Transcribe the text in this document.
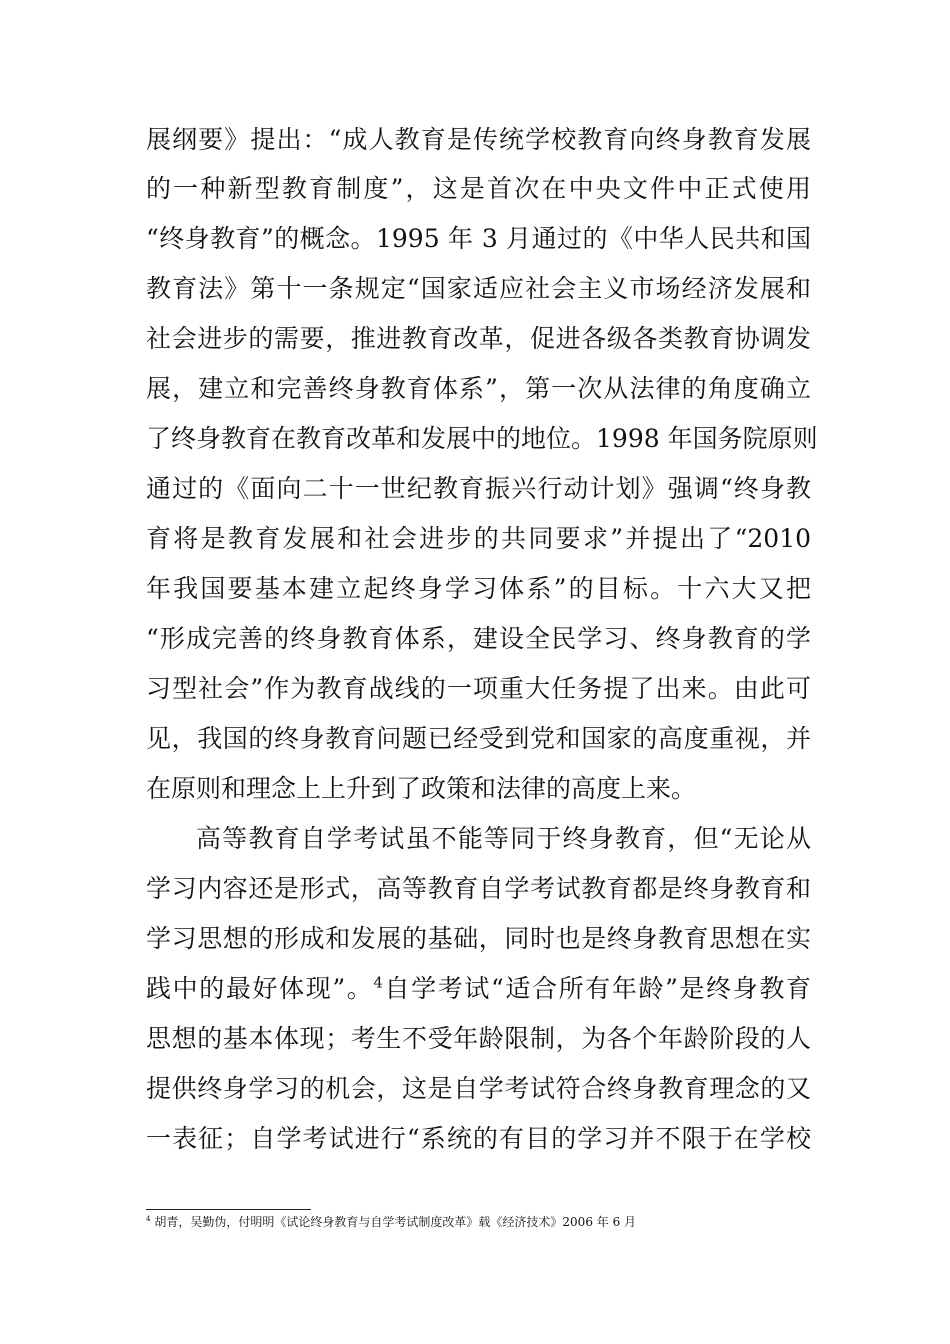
展纲要》提出：“成人教育是传统学校教育向终身教育发展
的一种新型教育制度”，这是首次在中央文件中正式使用
“终身教育”的概念。1995 年 3 月通过的《中华人民共和国
教育法》第十一条规定“国家适应社会主义市场经济发展和
社会进步的需要，推进教育改革，促进各级各类教育协调发
展，建立和完善终身教育体系”，第一次从法律的角度确立
了终身教育在教育改革和发展中的地位。1998 年国务院原则
通过的《面向二十一世纪教育振兴行动计划》强调“终身教
育将是教育发展和社会进步的共同要求”并提出了“2010
年我国要基本建立起终身学习体系”的目标。十六大又把
“形成完善的终身教育体系，建设全民学习、终身教育的学
习型社会”作为教育战线的一项重大任务提了出来。由此可
见，我国的终身教育问题已经受到党和国家的高度重视，并
在原则和理念上上升到了政策和法律的高度上来。
高等教育自学考试虽不能等同于终身教育，但“无论从
学习内容还是形式，高等教育自学考试教育都是终身教育和
学习思想的形成和发展的基础，同时也是终身教育思想在实
践中的最好体现”。$^4$自学考试“适合所有年龄”是终身教育
思想的基本体现；考生不受年龄限制，为各个年龄阶段的人
提供终身学习的机会，这是自学考试符合终身教育理念的又
一表征；自学考试进行“系统的有目的学习并不限于在学校
$^4$ 胡青，吴勤伪，付明明《试论终身教育与自学考试制度改革》载《经济技术》2006 年 6 月
